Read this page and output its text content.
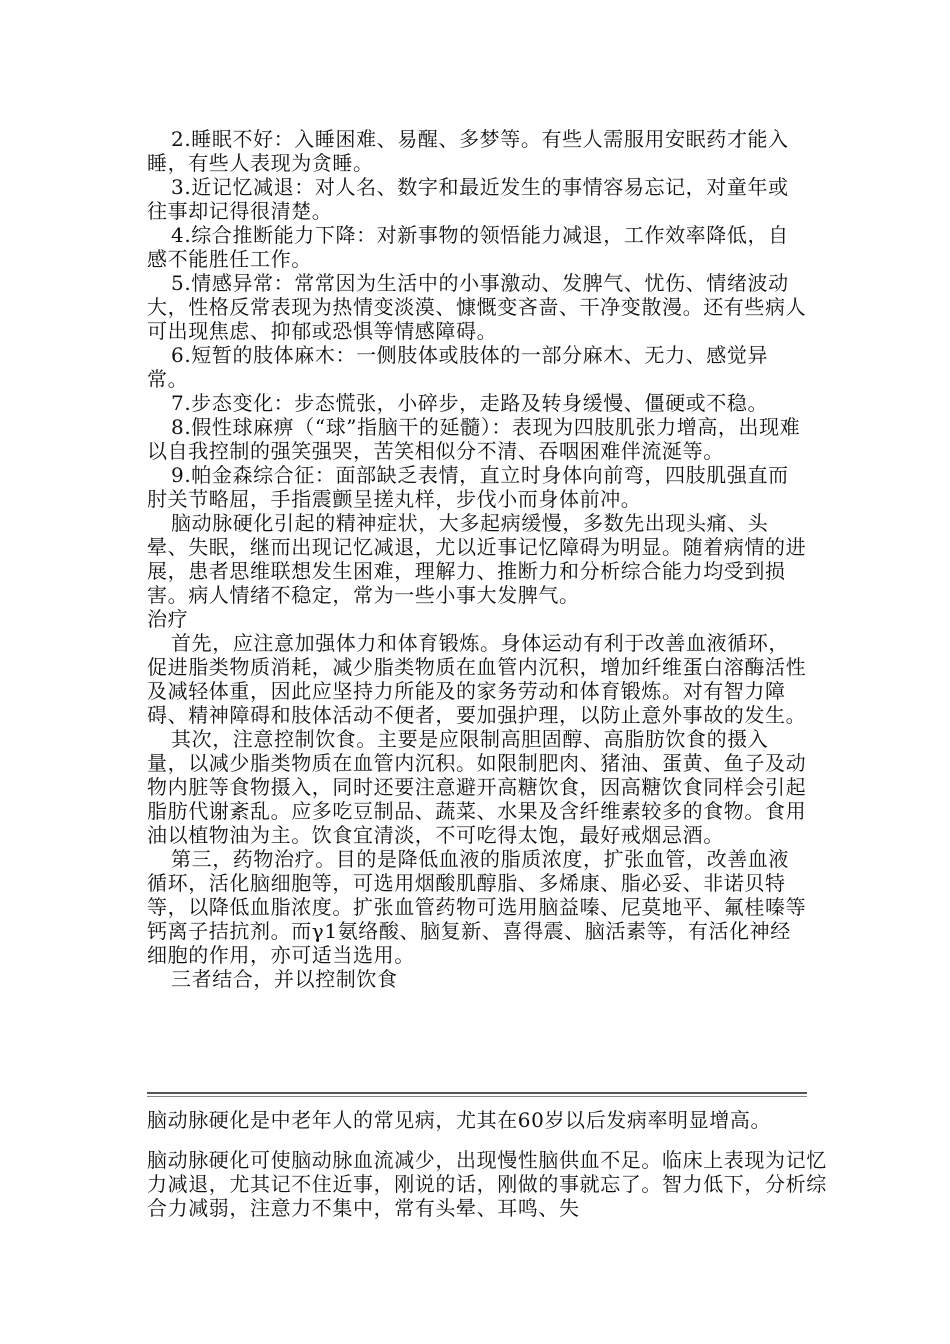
2.睡眠不好：入睡困难、易醒、多梦等。有些人需服用安眠药才能入睡，有些人表现为贪睡。

3.近记忆减退：对人名、数字和最近发生的事情容易忘记，对童年或往事却记得很清楚。

4.综合推断能力下降：对新事物的领悟能力减退，工作效率降低，自感不能胜任工作。

5.情感异常：常常因为生活中的小事激动、发脾气、忧伤、情绪波动大，性格反常表现为热情变淡漠、慷慨变吝啬、干净变散漫。还有些病人可出现焦虑、抑郁或恐惧等情感障碍。

6.短暂的肢体麻木：一侧肢体或肢体的一部分麻木、无力、感觉异常。

7.步态变化：步态慌张，小碎步，走路及转身缓慢、僵硬或不稳。

8.假性球麻痹（“球”指脑干的延髓）：表现为四肢肌张力增高，出现难以自我控制的强笑强哭，苦笑相似分不清、吞咽困难伴流涎等。

9.帕金森综合征：面部缺乏表情，直立时身体向前弯，四肢肌强直而肘关节略屈，手指震颤呈搓丸样，步伐小而身体前冲。

脑动脉硬化引起的精神症状，大多起病缓慢，多数先出现头痛、头晕、失眠，继而出现记忆减退，尤以近事记忆障碍为明显。随着病情的进展，患者思维联想发生困难，理解力、推断力和分析综合能力均受到损害。病人情绪不稳定，常为一些小事大发脾气。

治疗

首先，应注意加强体力和体育锻炼。身体运动有利于改善血液循环，促进脂类物质消耗，减少脂类物质在血管内沉积，增加纤维蛋白溶酶活性及减轻体重，因此应坚持力所能及的家务劳动和体育锻炼。对有智力障碍、精神障碍和肢体活动不便者，要加强护理，以防止意外事故的发生。

其次，注意控制饮食。主要是应限制高胆固醇、高脂肪饮食的摄入量，以减少脂类物质在血管内沉积。如限制肥肉、猪油、蛋黄、鱼子及动物内脏等食物摄入，同时还要注意避开高糖饮食，因高糖饮食同样会引起脂肪代谢紊乱。应多吃豆制品、蔬菜、水果及含纤维素较多的食物。食用油以植物油为主。饮食宜清淡，不可吃得太饱，最好戒烟忌酒。

第三，药物治疗。目的是降低血液的脂质浓度，扩张血管，改善血液循环，活化脑细胞等，可选用烟酸肌醇脂、多烯康、脂必妥、非诺贝特等，以降低血脂浓度。扩张血管药物可选用脑益嗪、尼莫地平、氟桂嗪等钙离子拮抗剂。而γ1氨络酸、脑复新、喜得震、脑活素等，有活化神经细胞的作用，亦可适当选用。

三者结合，并以控制饮食

脑动脉硬化是中老年人的常见病，尤其在60岁以后发病率明显增高。

脑动脉硬化可使脑动脉血流减少，出现慢性脑供血不足。临床上表现为记忆力减退，尤其记不住近事，刚说的话，刚做的事就忘了。智力低下，分析综合力减弱，注意力不集中，常有头晕、耳鸣、失
